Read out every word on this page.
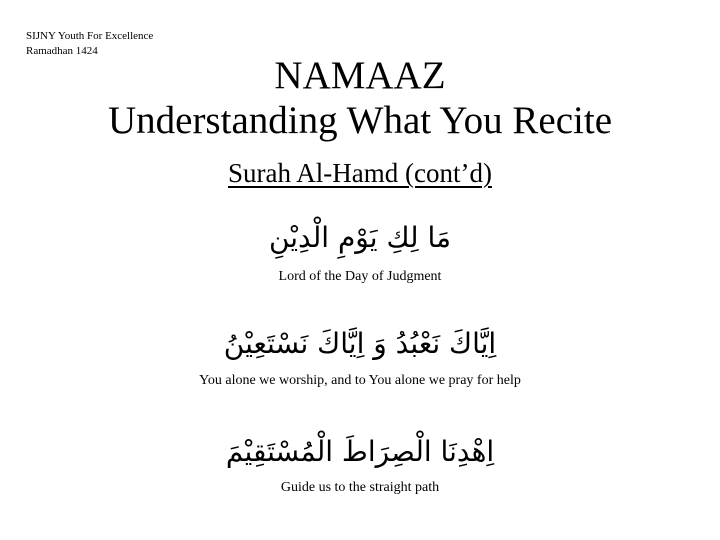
SIJNY Youth For Excellence
Ramadhan 1424
NAMAAZ
Understanding What You Recite
Surah Al-Hamd (cont’d)
مَا لِكِ يَوْمِ الْدِيْنِ
Lord of the Day of Judgment
اِيَّاكَ نَعْبُدُ وَ اِيَّاكَ نَسْتَعِيْنُ
You alone we worship, and to You alone we pray for help
اِهْدِنَا الْصِرَاطَ الْمُسْتَقِيْمَ
Guide us to the straight path
